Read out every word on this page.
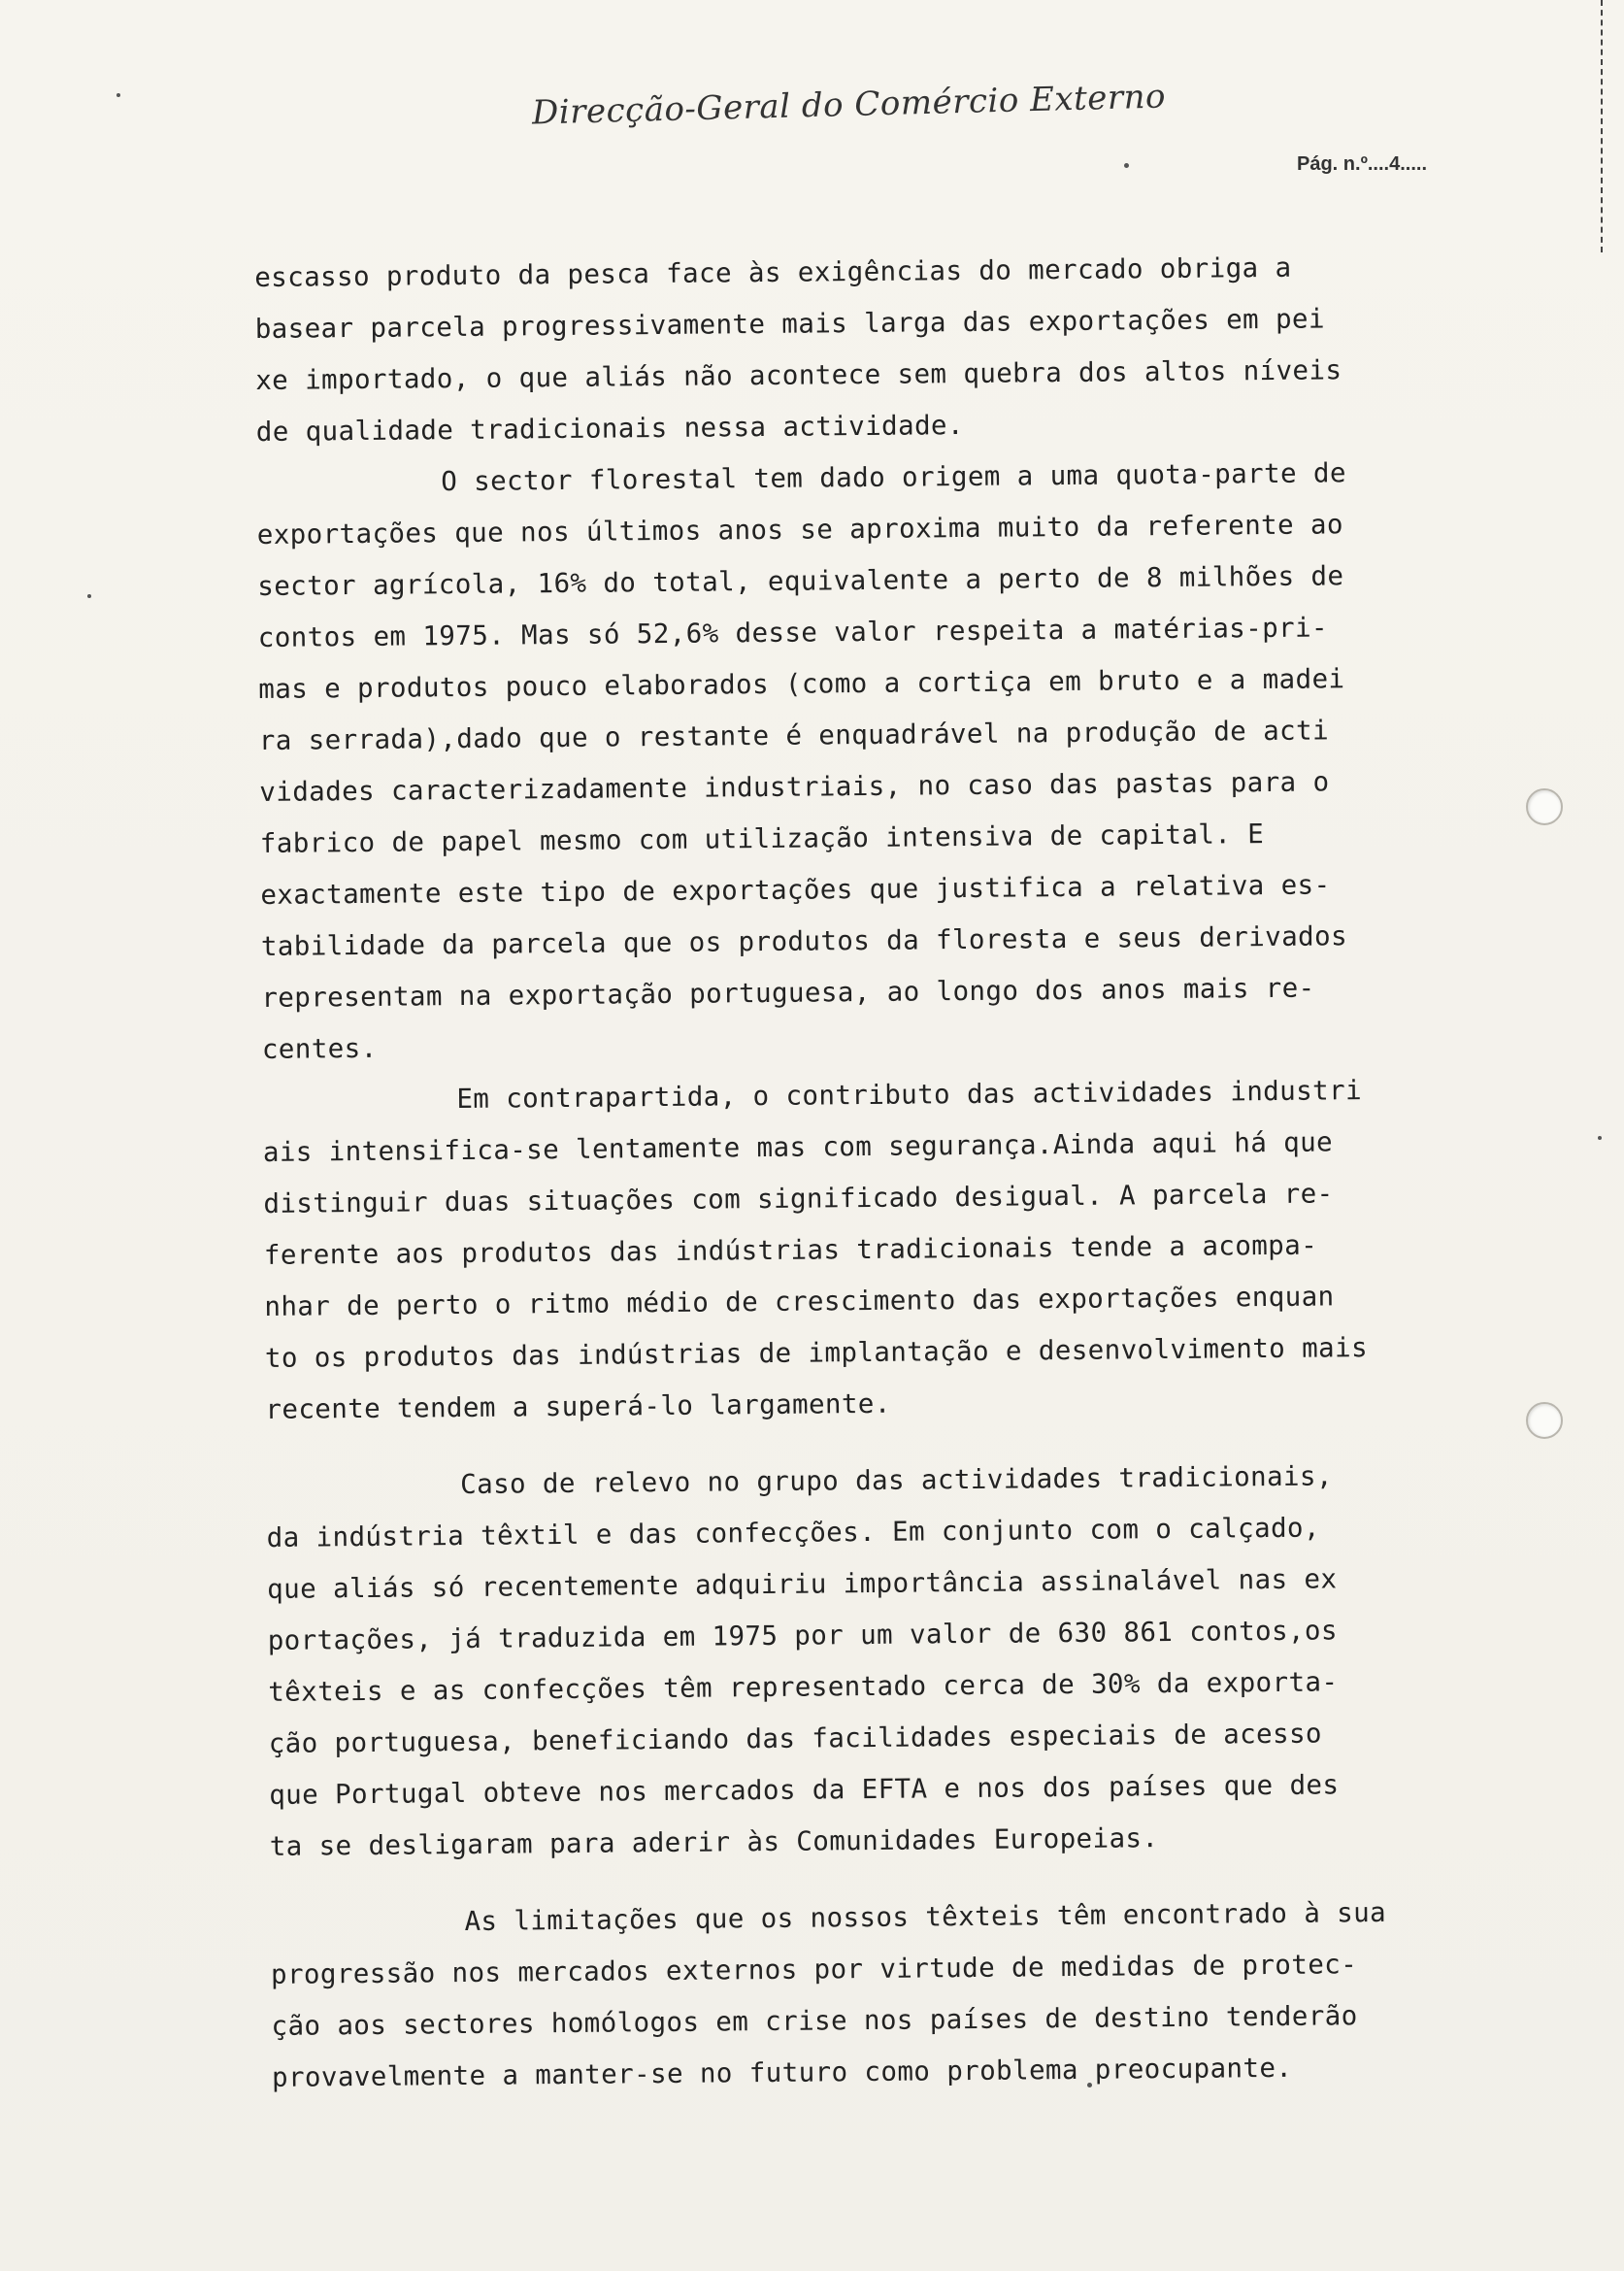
Direcção-Geral do Comércio Externo
Pág. n.º....4.....
escasso produto da pesca face às exigências do mercado obriga a
basear parcela progressivamente mais larga das exportações em pei
xe importado, o que aliás não acontece sem quebra dos altos níveis
de qualidade tradicionais nessa actividade.
O sector florestal tem dado origem a uma quota-parte de
exportações que nos últimos anos se aproxima muito da referente ao
sector agrícola, 16% do total, equivalente a perto de 8 milhões de
contos em 1975. Mas só 52,6% desse valor respeita a matérias-pri-
mas e produtos pouco elaborados (como a cortiça em bruto e a madei
ra serrada),dado que o restante é enquadrável na produção de acti
vidades caracterizadamente industriais, no caso das pastas para o
fabrico de papel mesmo com utilização intensiva de capital. E
exactamente este tipo de exportações que justifica a relativa es-
tabilidade da parcela que os produtos da floresta e seus derivados
representam na exportação portuguesa, ao longo dos anos mais re-
centes.
Em contrapartida, o contributo das actividades industri
ais intensifica-se lentamente mas com segurança.Ainda aqui há que
distinguir duas situações com significado desigual. A parcela re-
ferente aos produtos das indústrias tradicionais tende a acompa-
nhar de perto o ritmo médio de crescimento das exportações enquan
to os produtos das indústrias de implantação e desenvolvimento mais
recente tendem a superá-lo largamente.
Caso de relevo no grupo das actividades tradicionais,
da indústria têxtil e das confecções. Em conjunto com o calçado,
que aliás só recentemente adquiriu importância assinalável nas ex
portações, já traduzida em 1975 por um valor de 630 861 contos,os
têxteis e as confecções têm representado cerca de 30% da exporta-
ção portuguesa, beneficiando das facilidades especiais de acesso
que Portugal obteve nos mercados da EFTA e nos dos países que des
ta se desligaram para aderir às Comunidades Europeias.
As limitações que os nossos têxteis têm encontrado à sua
progressão nos mercados externos por virtude de medidas de protec-
ção aos sectores homólogos em crise nos países de destino tenderão
provavelmente a manter-se no futuro como problema preocupante.
